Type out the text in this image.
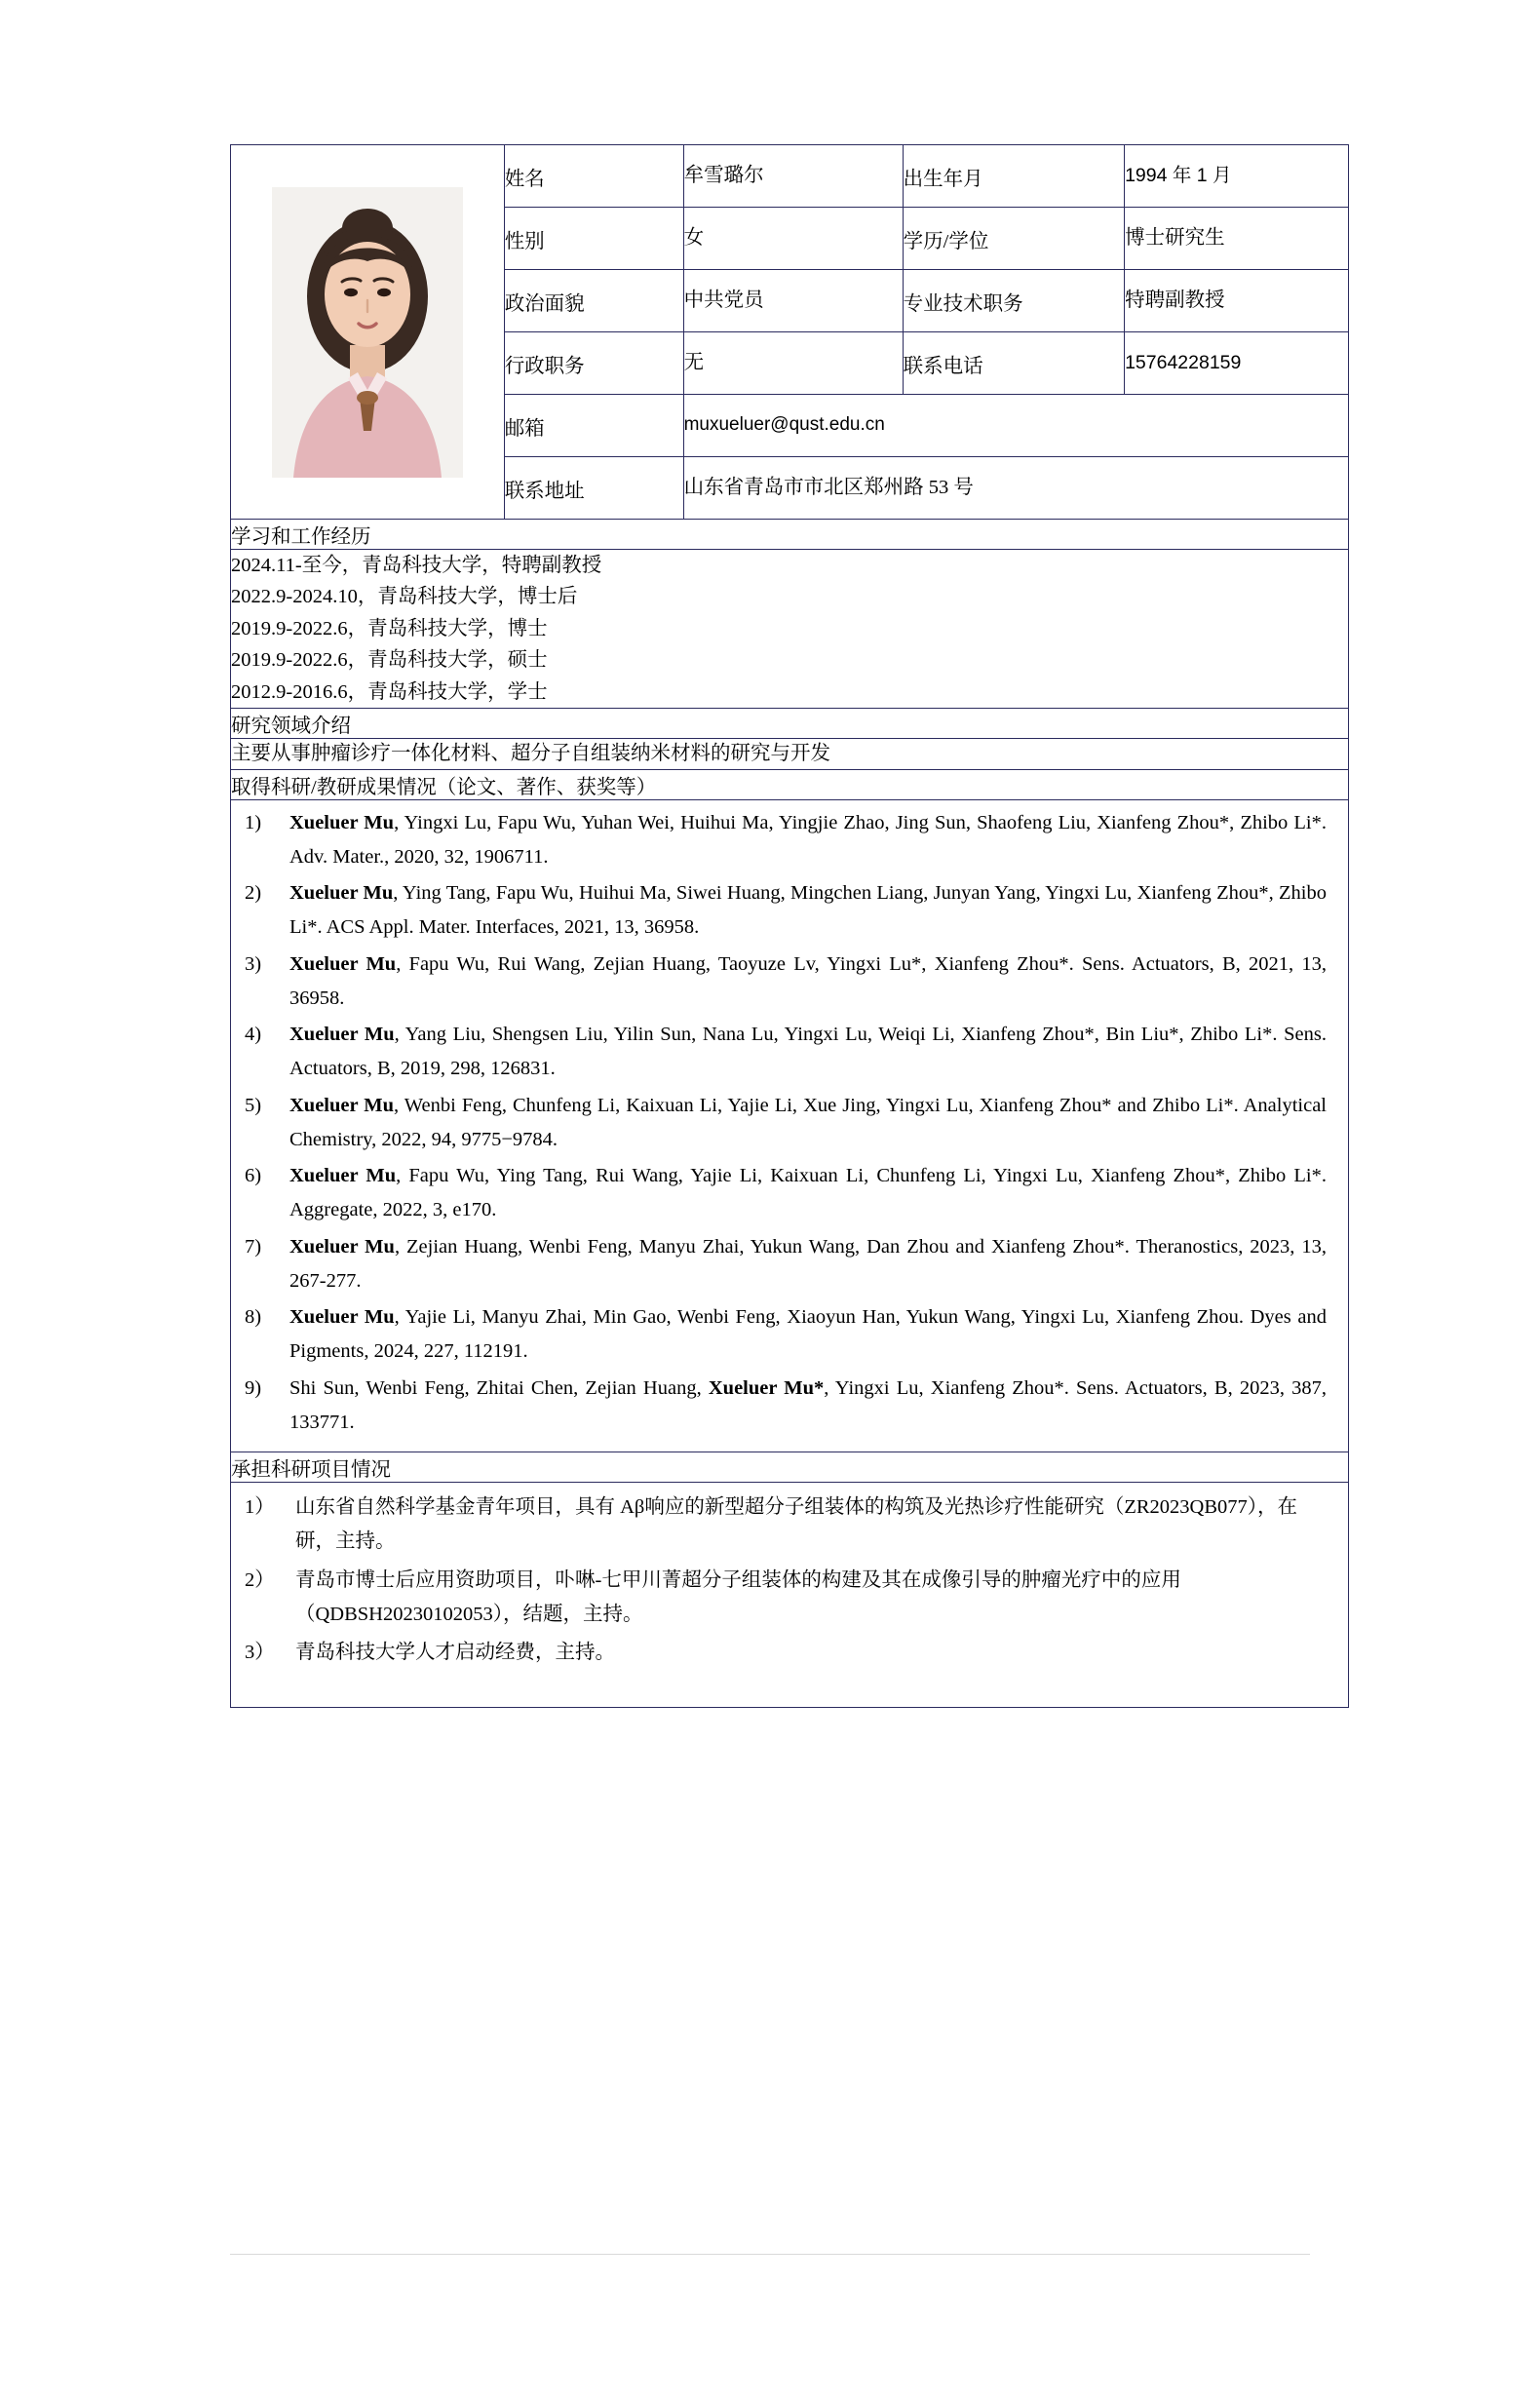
	姓名	牟雪璐尔	出生年月	1994 年 1 月
	性别	女	学历/学位	博士研究生
	政治面貌	中共党员	专业技术职务	特聘副教授
	行政职务	无	联系电话	15764228159
	邮箱	muxueluer@qust.edu.cn		
	联系地址	山东省青岛市市北区郑州路 53 号		
学习和工作经历				

2024.11-至今，青岛科技大学，特聘副教授
2022.9-2024.10，青岛科技大学，博士后
2019.9-2022.6，青岛科技大学，博士
2019.9-2022.6，青岛科技大学，硕士
2012.9-2016.6，青岛科技大学，学士				

研究领域介绍				
主要从事肿瘤诊疗一体化材料、超分子自组装纳米材料的研究与开发				
取得科研/教研成果情况（论文、著作、获奖等）				

1)	Xueluer Mu, Yingxi Lu, Fapu Wu, Yuhan Wei, Huihui Ma, Yingjie Zhao, Jing Sun, Shaofeng Liu, Xianfeng Zhou*, Zhibo Li*. Adv. Mater., 2020, 32, 1906711.
2)	Xueluer Mu, Ying Tang, Fapu Wu, Huihui Ma, Siwei Huang, Mingchen Liang, Junyan Yang, Yingxi Lu, Xianfeng Zhou*, Zhibo Li*. ACS Appl. Mater. Interfaces, 2021, 13, 36958.
3)	Xueluer Mu, Fapu Wu, Rui Wang, Zejian Huang, Taoyuze Lv, Yingxi Lu*, Xianfeng Zhou*. Sens. Actuators, B, 2021, 13, 36958.
4)	Xueluer Mu, Yang Liu, Shengsen Liu, Yilin Sun, Nana Lu, Yingxi Lu, Weiqi Li, Xianfeng Zhou*, Bin Liu*, Zhibo Li*. Sens. Actuators, B, 2019, 298, 126831.
5)	Xueluer Mu, Wenbi Feng, Chunfeng Li, Kaixuan Li, Yajie Li, Xue Jing, Yingxi Lu, Xianfeng Zhou* and Zhibo Li*. Analytical Chemistry, 2022, 94, 9775−9784.
6)	Xueluer Mu, Fapu Wu, Ying Tang, Rui Wang, Yajie Li, Kaixuan Li, Chunfeng Li, Yingxi Lu, Xianfeng Zhou*, Zhibo Li*. Aggregate, 2022, 3, e170.
7)	Xueluer Mu, Zejian Huang, Wenbi Feng, Manyu Zhai, Yukun Wang, Dan Zhou and Xianfeng Zhou*. Theranostics, 2023, 13, 267-277.
8)	Xueluer Mu, Yajie Li, Manyu Zhai, Min Gao, Wenbi Feng, Xiaoyun Han, Yukun Wang, Yingxi Lu, Xianfeng Zhou. Dyes and Pigments, 2024, 227, 112191.
9)	Shi Sun, Wenbi Feng, Zhitai Chen, Zejian Huang, Xueluer Mu*, Yingxi Lu, Xianfeng Zhou*. Sens. Actuators, B, 2023, 387, 133771.

承担科研项目情况				

1）	山东省自然科学基金青年项目，具有 Aβ响应的新型超分子组装体的构筑及光热诊疗性能研究（ZR2023QB077），在研，主持。
2）	青岛市博士后应用资助项目，卟啉-七甲川菁超分子组装体的构建及其在成像引导的肿瘤光疗中的应用（QDBSH20230102053），结题，主持。
3）	青岛科技大学人才启动经费，主持。
